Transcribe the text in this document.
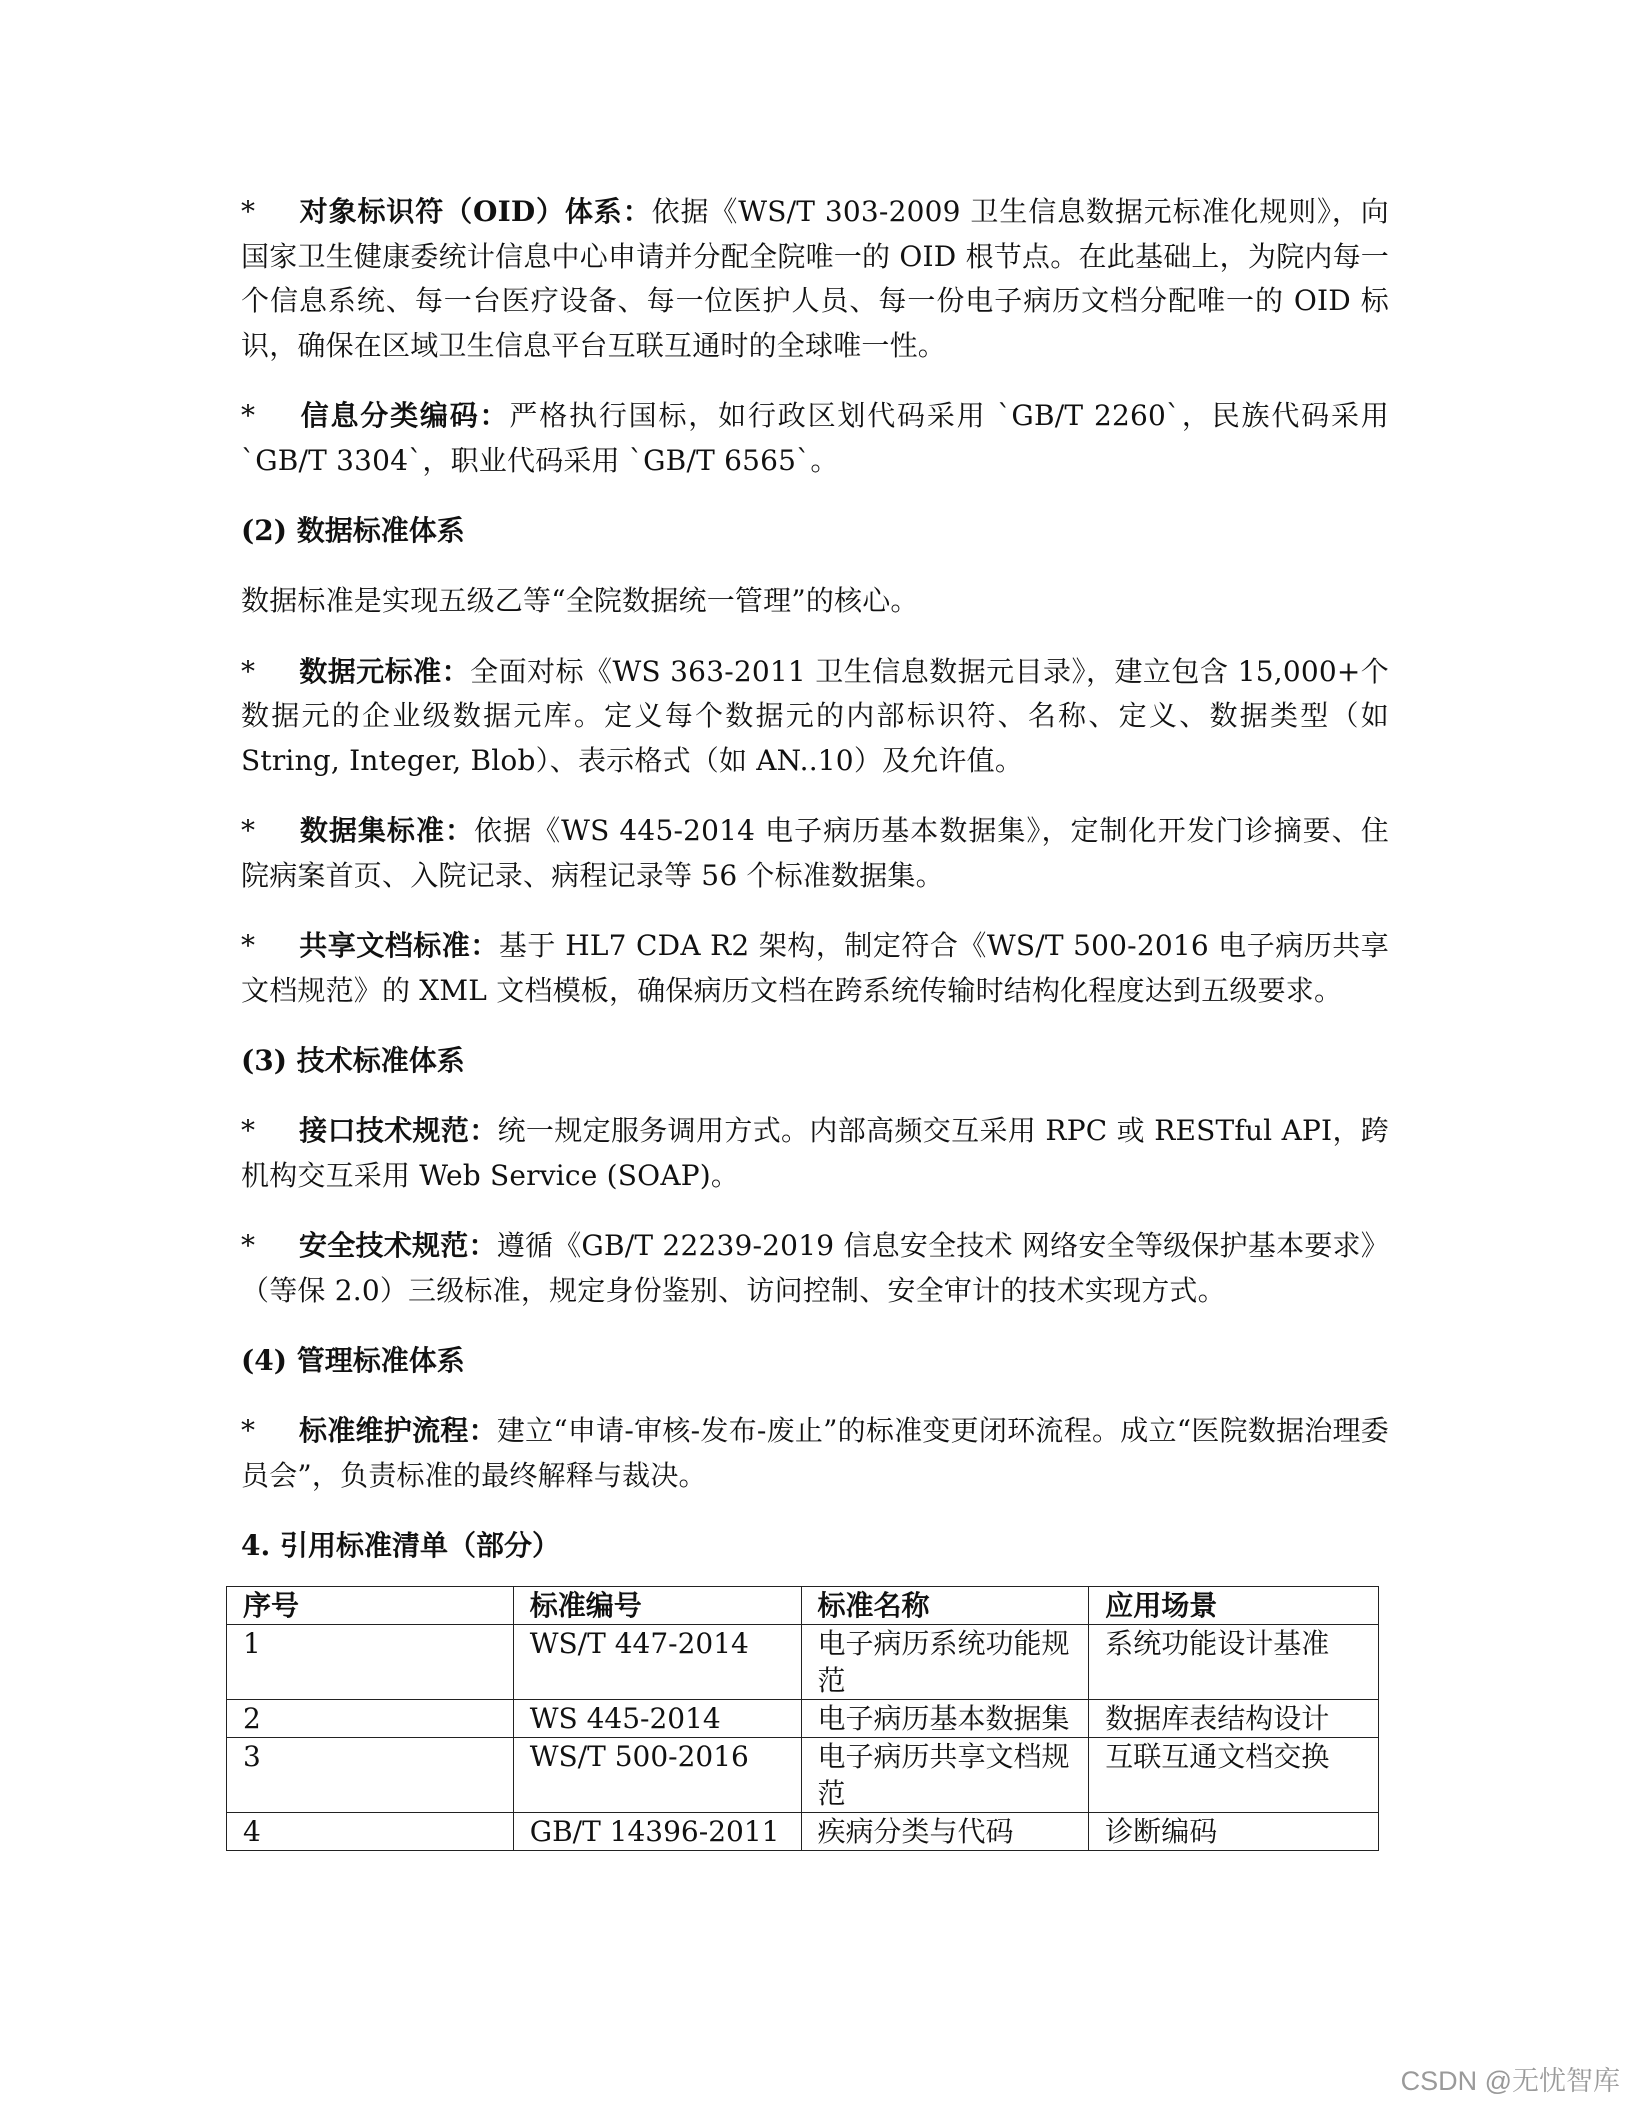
* 对象标识符（OID）体系：依据《WS/T 303-2009 卫生信息数据元标准化规则》，向国家卫生健康委统计信息中心申请并分配全院唯一的 OID 根节点。在此基础上，为院内每一个信息系统、每一台医疗设备、每一位医护人员、每一份电子病历文档分配唯一的 OID 标识，确保在区域卫生信息平台互联互通时的全球唯一性。

* 信息分类编码：严格执行国标，如行政区划代码采用 `GB/T 2260`，民族代码采用 `GB/T 3304`，职业代码采用 `GB/T 6565`。

(2) 数据标准体系

数据标准是实现五级乙等“全院数据统一管理”的核心。

* 数据元标准：全面对标《WS 363-2011 卫生信息数据元目录》，建立包含 15,000+个数据元的企业级数据元库。定义每个数据元的内部标识符、名称、定义、数据类型（如 String, Integer, Blob）、表示格式（如 AN..10）及允许值。

* 数据集标准：依据《WS 445-2014 电子病历基本数据集》，定制化开发门诊摘要、住院病案首页、入院记录、病程记录等 56 个标准数据集。

* 共享文档标准：基于 HL7 CDA R2 架构，制定符合《WS/T 500-2016 电子病历共享文档规范》的 XML 文档模板，确保病历文档在跨系统传输时结构化程度达到五级要求。

(3) 技术标准体系

* 接口技术规范：统一规定服务调用方式。内部高频交互采用 RPC 或 RESTful API，跨机构交互采用 Web Service (SOAP)。

* 安全技术规范：遵循《GB/T 22239-2019 信息安全技术 网络安全等级保护基本要求》（等保 2.0）三级标准，规定身份鉴别、访问控制、安全审计的技术实现方式。

(4) 管理标准体系

* 标准维护流程：建立“申请-审核-发布-废止”的标准变更闭环流程。成立“医院数据治理委员会”，负责标准的最终解释与裁决。

4. 引用标准清单（部分）

序号	标准编号	标准名称	应用场景
1	WS/T 447-2014	电子病历系统功能规范	系统功能设计基准
2	WS 445-2014	电子病历基本数据集	数据库表结构设计
3	WS/T 500-2016	电子病历共享文档规范	互联互通文档交换
4	GB/T 14396-2011	疾病分类与代码	诊断编码
CSDN @无忧智库
